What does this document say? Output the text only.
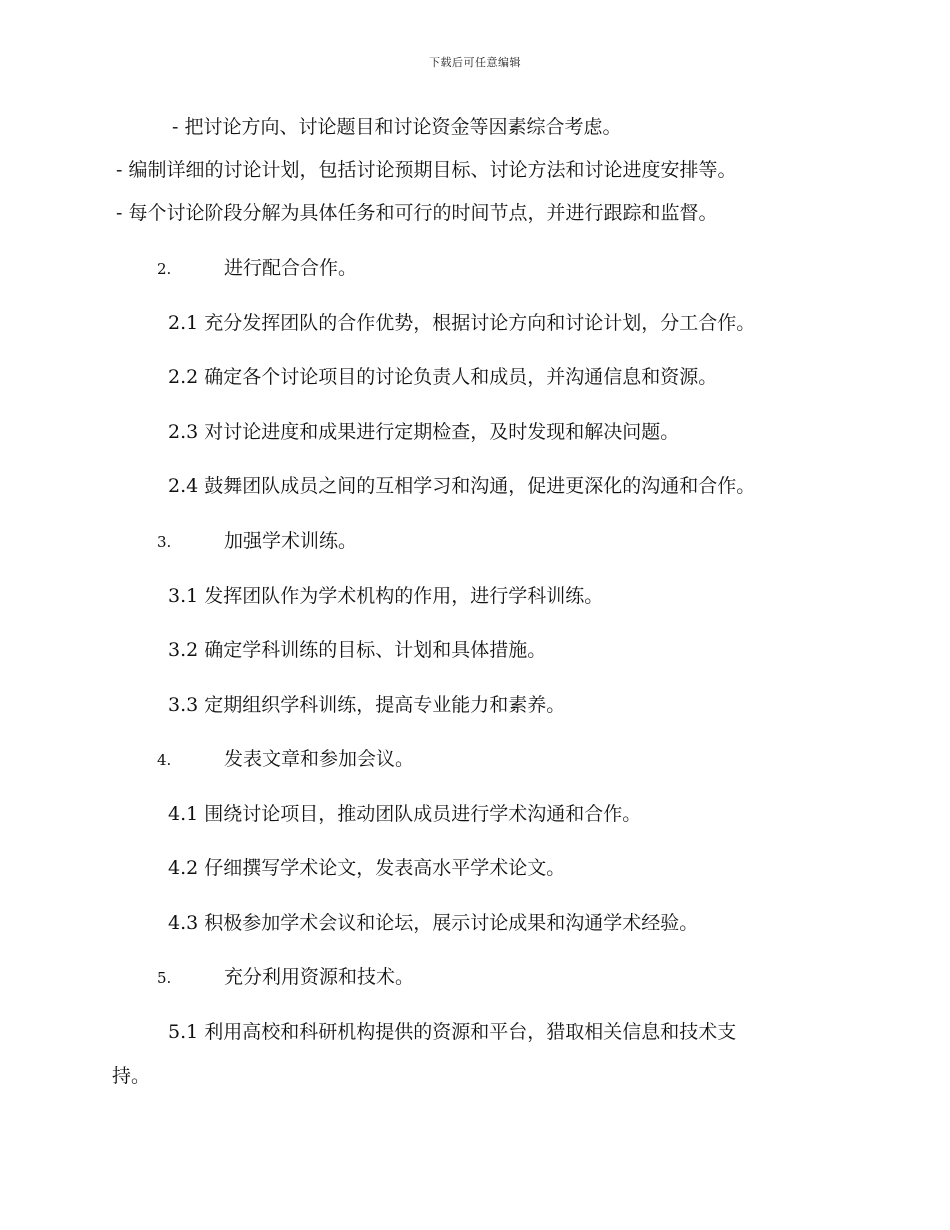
下载后可任意编辑
- 把讨论方向、讨论题目和讨论资金等因素综合考虑。
- 编制详细的讨论计划，包括讨论预期目标、讨论方法和讨论进度安排等。
- 每个讨论阶段分解为具体任务和可行的时间节点，并进行跟踪和监督。
2.	进行配合合作。
2.1 充分发挥团队的合作优势，根据讨论方向和讨论计划，分工合作。
2.2 确定各个讨论项目的讨论负责人和成员，并沟通信息和资源。
2.3 对讨论进度和成果进行定期检查，及时发现和解决问题。
2.4 鼓舞团队成员之间的互相学习和沟通，促进更深化的沟通和合作。
3.	加强学术训练。
3.1 发挥团队作为学术机构的作用，进行学科训练。
3.2 确定学科训练的目标、计划和具体措施。
3.3 定期组织学科训练，提高专业能力和素养。
4.	发表文章和参加会议。
4.1 围绕讨论项目，推动团队成员进行学术沟通和合作。
4.2 仔细撰写学术论文，发表高水平学术论文。
4.3 积极参加学术会议和论坛，展示讨论成果和沟通学术经验。
5.	充分利用资源和技术。
5.1 利用高校和科研机构提供的资源和平台，猎取相关信息和技术支
持。
